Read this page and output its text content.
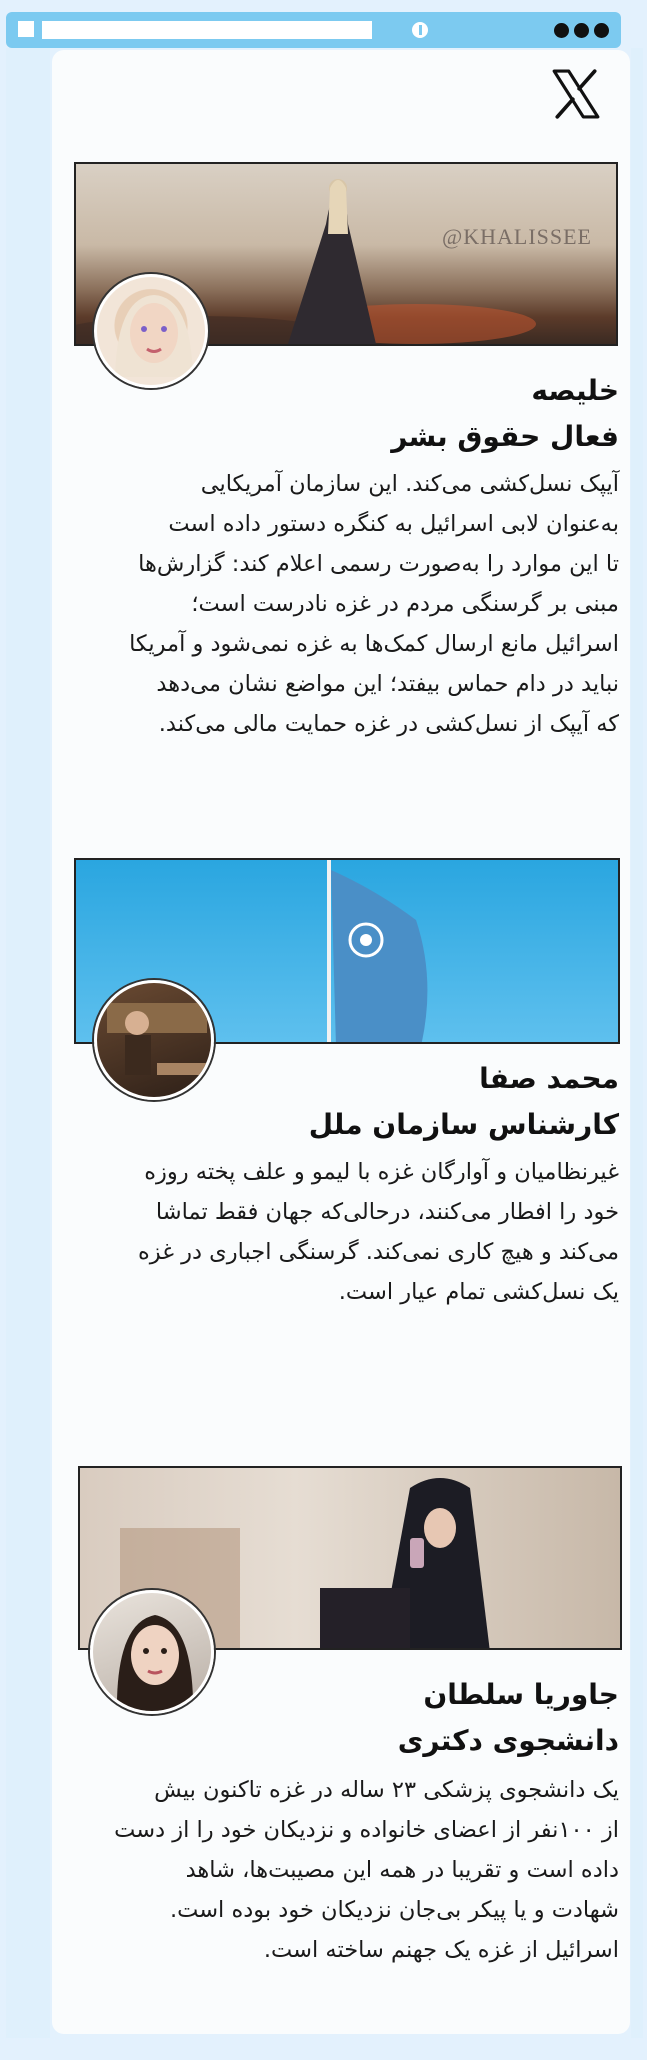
@KHALISSEE
خلیصه
فعال حقوق بشر
آیپک نسل‌کشی می‌کند. این سازمان آمریکایی
به‌عنوان لابی اسرائیل به کنگره دستور داده است
تا این موارد را به‌صورت رسمی اعلام کند: گزارش‌ها
مبنی بر گرسنگی مردم در غزه نادرست است؛
اسرائیل مانع ارسال کمک‌ها به غزه نمی‌شود و آمریکا
نباید در دام حماس بیفتد؛ این مواضع نشان می‌دهد
که آیپک از نسل‌کشی در غزه حمایت مالی می‌کند.
محمد صفا
کارشناس سازمان ملل
غیرنظامیان و آوارگان غزه با لیمو و علف پخته روزه
خود را افطار می‌کنند، درحالی‌که جهان فقط تماشا
می‌کند و هیچ کاری نمی‌کند. گرسنگی اجباری در غزه
یک نسل‌کشی تمام عیار است.
جاوریا سلطان
دانشجوی دکتری
یک دانشجوی پزشکی ۲۳ ساله در غزه تاکنون بیش
از ۱۰۰نفر از اعضای خانواده و نزدیکان خود را از دست
داده است و تقریبا در همه این مصیبت‌ها، شاهد
شهادت و یا پیکر بی‌جان نزدیکان خود بوده است.
اسرائیل از غزه یک جهنم ساخته است.
